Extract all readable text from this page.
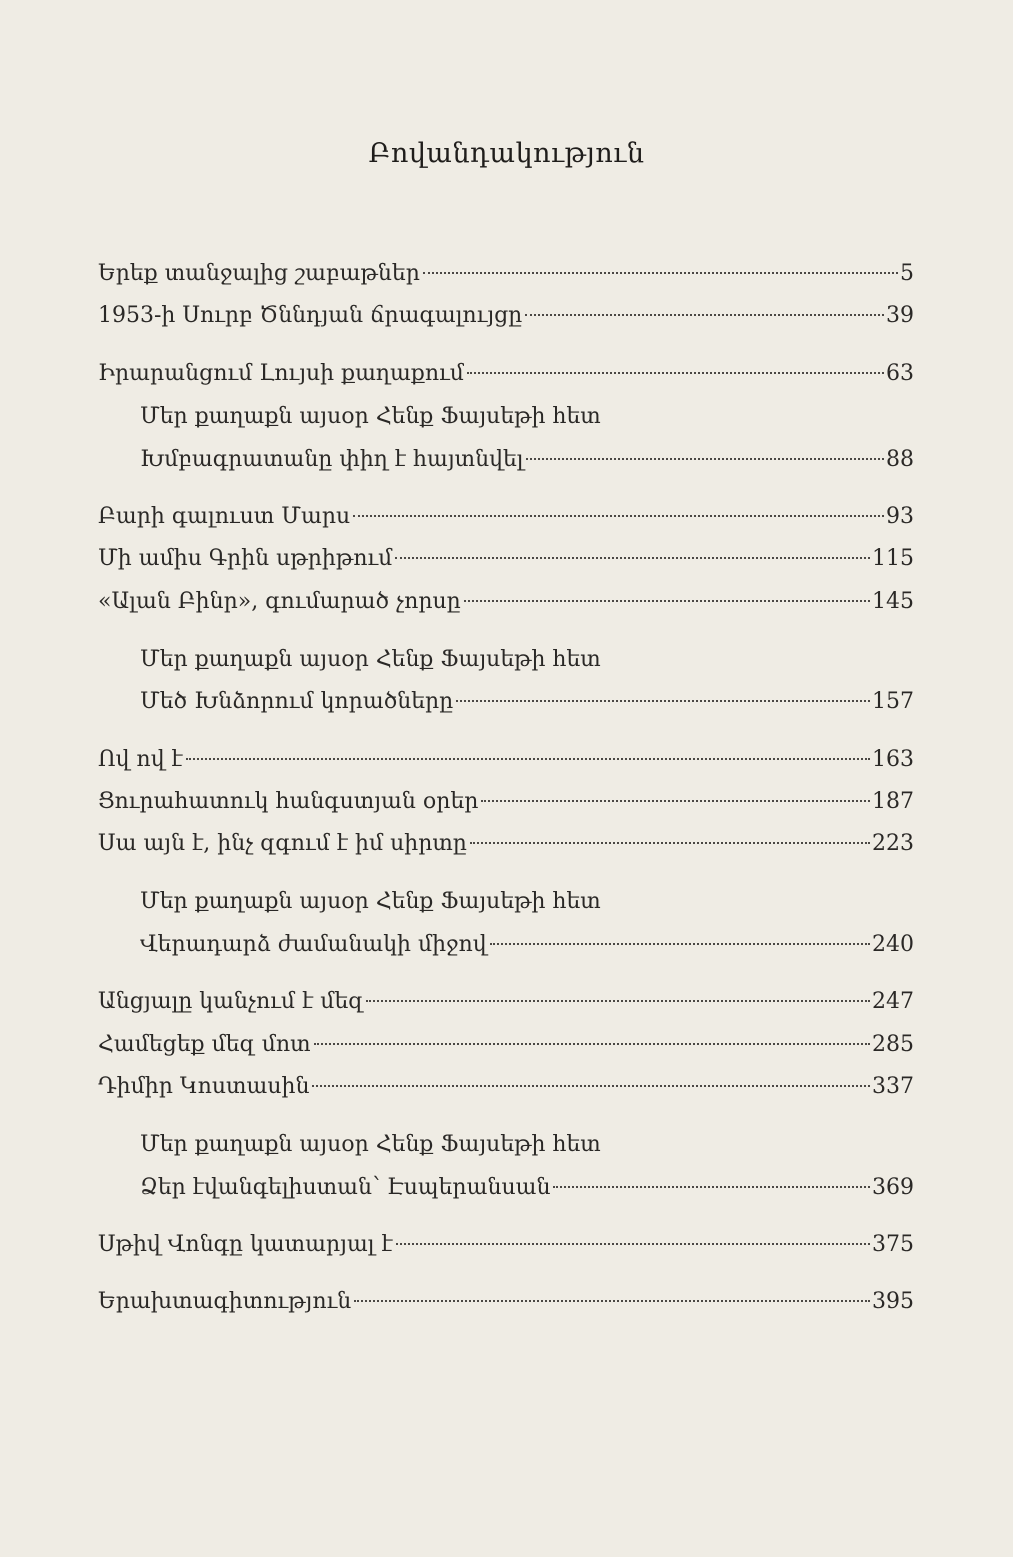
Բովանդակություն
Երեք տանջալից շաբաթներ	5
1953-ի Սուրբ Ծննդյան ճրագալույցը	39
Իրարանցում Լույսի քաղաքում	63
Մեր քաղաքն այսօր Հենք Ֆայսեթի հետ
Խմբագրատանը փիղ է հայտնվել	88
Բարի գալուստ Մարս	93
Մի ամիս Գրին սթրիթում	115
«Ալան Բինր», գումարած չորսը	145
Մեր քաղաքն այսօր Հենք Ֆայսեթի հետ
Մեծ Խնձորում կորածները	157
Ով ով է	163
Ցուրահատուկ հանգստյան օրեր	187
Սա այն է, ինչ զգում է իմ սիրտը	223
Մեր քաղաքն այսօր Հենք Ֆայսեթի հետ
Վերադարձ ժամանակի միջով	240
Անցյալը կանչում է մեզ	247
Համեցեք մեզ մոտ	285
Դիմիր Կոստասին	337
Մեր քաղաքն այսօր Հենք Ֆայսեթի հետ
Ձեր էվանգելիստան՝ Էսպերանսան	369
Սթիվ Վոնգը կատարյալ է	375
Երախտագիտություն	395
